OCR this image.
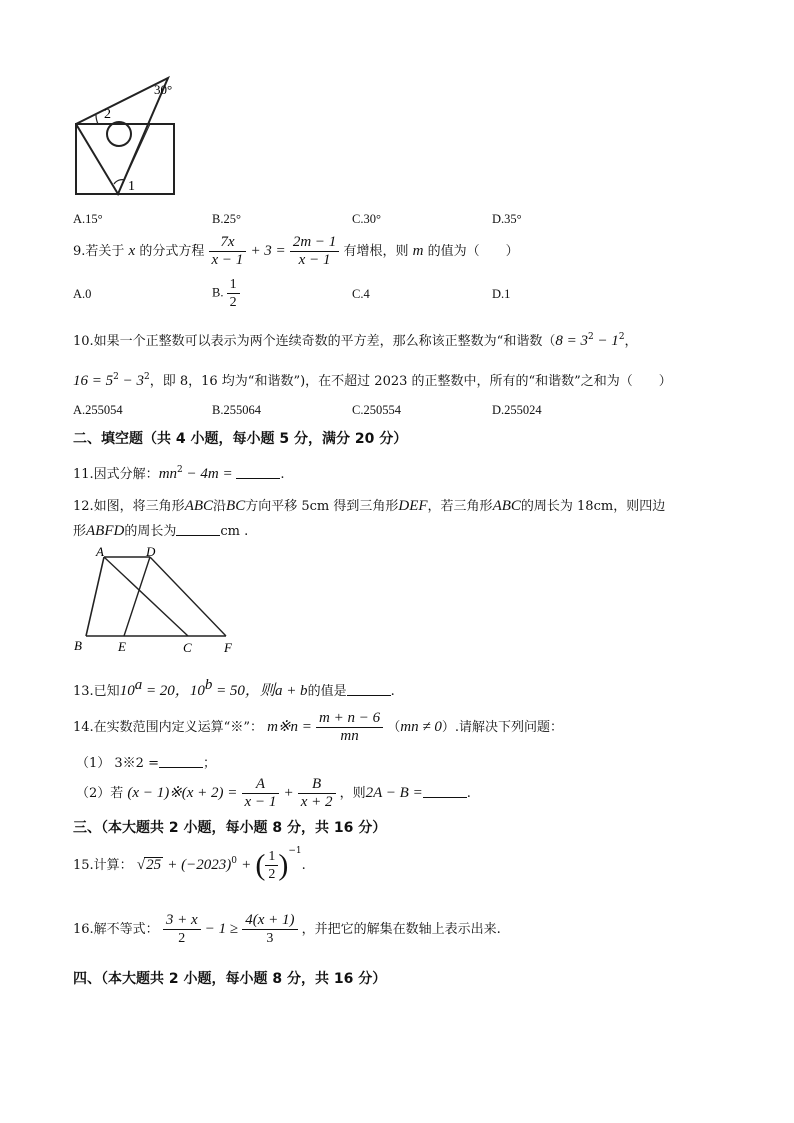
30°
2
1
A.15°	B.25°	C.30°	D.35°
9.若关于 x 的分式方程 $\frac{7x}{x - 1} + 3 = \frac{2m - 1}{x - 1}$ 有增根，则 m 的值为（　　）
A.0	B. $\frac{1}{2}$	C.4	D.1
10.如果一个正整数可以表示为两个连续奇数的平方差，那么称该正整数为“和谐数（$8 = 3^2 - 1^2$，
$16 = 5^2 - 3^2$，即 8，16 均为“和谐数”)，在不超过 2023 的正整数中，所有的“和谐数”之和为（　　）
A.255054	B.255064	C.250554	D.255024
二、填空题（共 4 小题，每小题 5 分，满分 20 分）
11.因式分解：$mn^2 - 4m$ =	.
12.如图，将三角形ABC沿BC方向平移 5cm 得到三角形DEF，若三角形ABC的周长为 18cm，则四边
形ABFD的周长为	cm .
A	D
B	E	C F
13.已知$10^a = 20$，$10^b = 50$，则a + b的值是	.
14.在实数范围内定义运算“※”： m※n = $\frac{m + n - 6}{mn} (mn \ne 0)$.请解决下列问题：
（1） 3※2 =	；
（2）若 (x − 1)※(x + $2) = \frac{A}{x - 1} + \frac{B}{x + 2}$ ，则2A − B =	.
三、（本大题共 2 小题，每小题 8 分，共 16 分）
15.计算： $√25 + (-2023)^0$ + ( $\frac{1}{2} )^{-1}$.
16.解不等式： $\frac{3 + x}{2} - 1 \ge \frac{4(x + 1)}{3}$ ，并把它的解集在数轴上表示出来.
四、（本大题共 2 小题，每小题 8 分，共 16 分）
